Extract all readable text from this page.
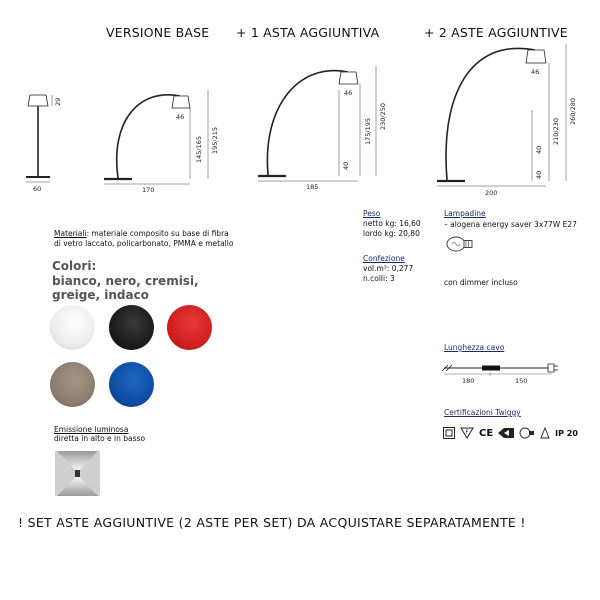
VERSIONE BASE + 1 ASTA AGGIUNTIVA	+ 2 ASTE AGGIUNTIVE
29
60
46
145/165 195/215
170
46
40
175/195
230/250
185
46
40
40
210/230
260/280
200
Materiali: materiale composito su base di fibra
di vetro laccato, policarbonato, PMMA e metallo
Colori:
bianco, nero, cremisi,
greige, indaco
Emissione luminosa
diretta in alto e in basso
Peso
netto kg: 16,60
lordo kg: 20,80
Confezione
vol.m³: 0,277
n.colli: 3
Lampadine
– alogena energy saver 3x77W E27
con dimmer incluso
Lunghezza cavo
180	150
Certificazioni Twiggy
F CE	IP 20
! SET ASTE AGGIUNTIVE (2 ASTE PER SET) DA ACQUISTARE SEPARATAMENTE !
